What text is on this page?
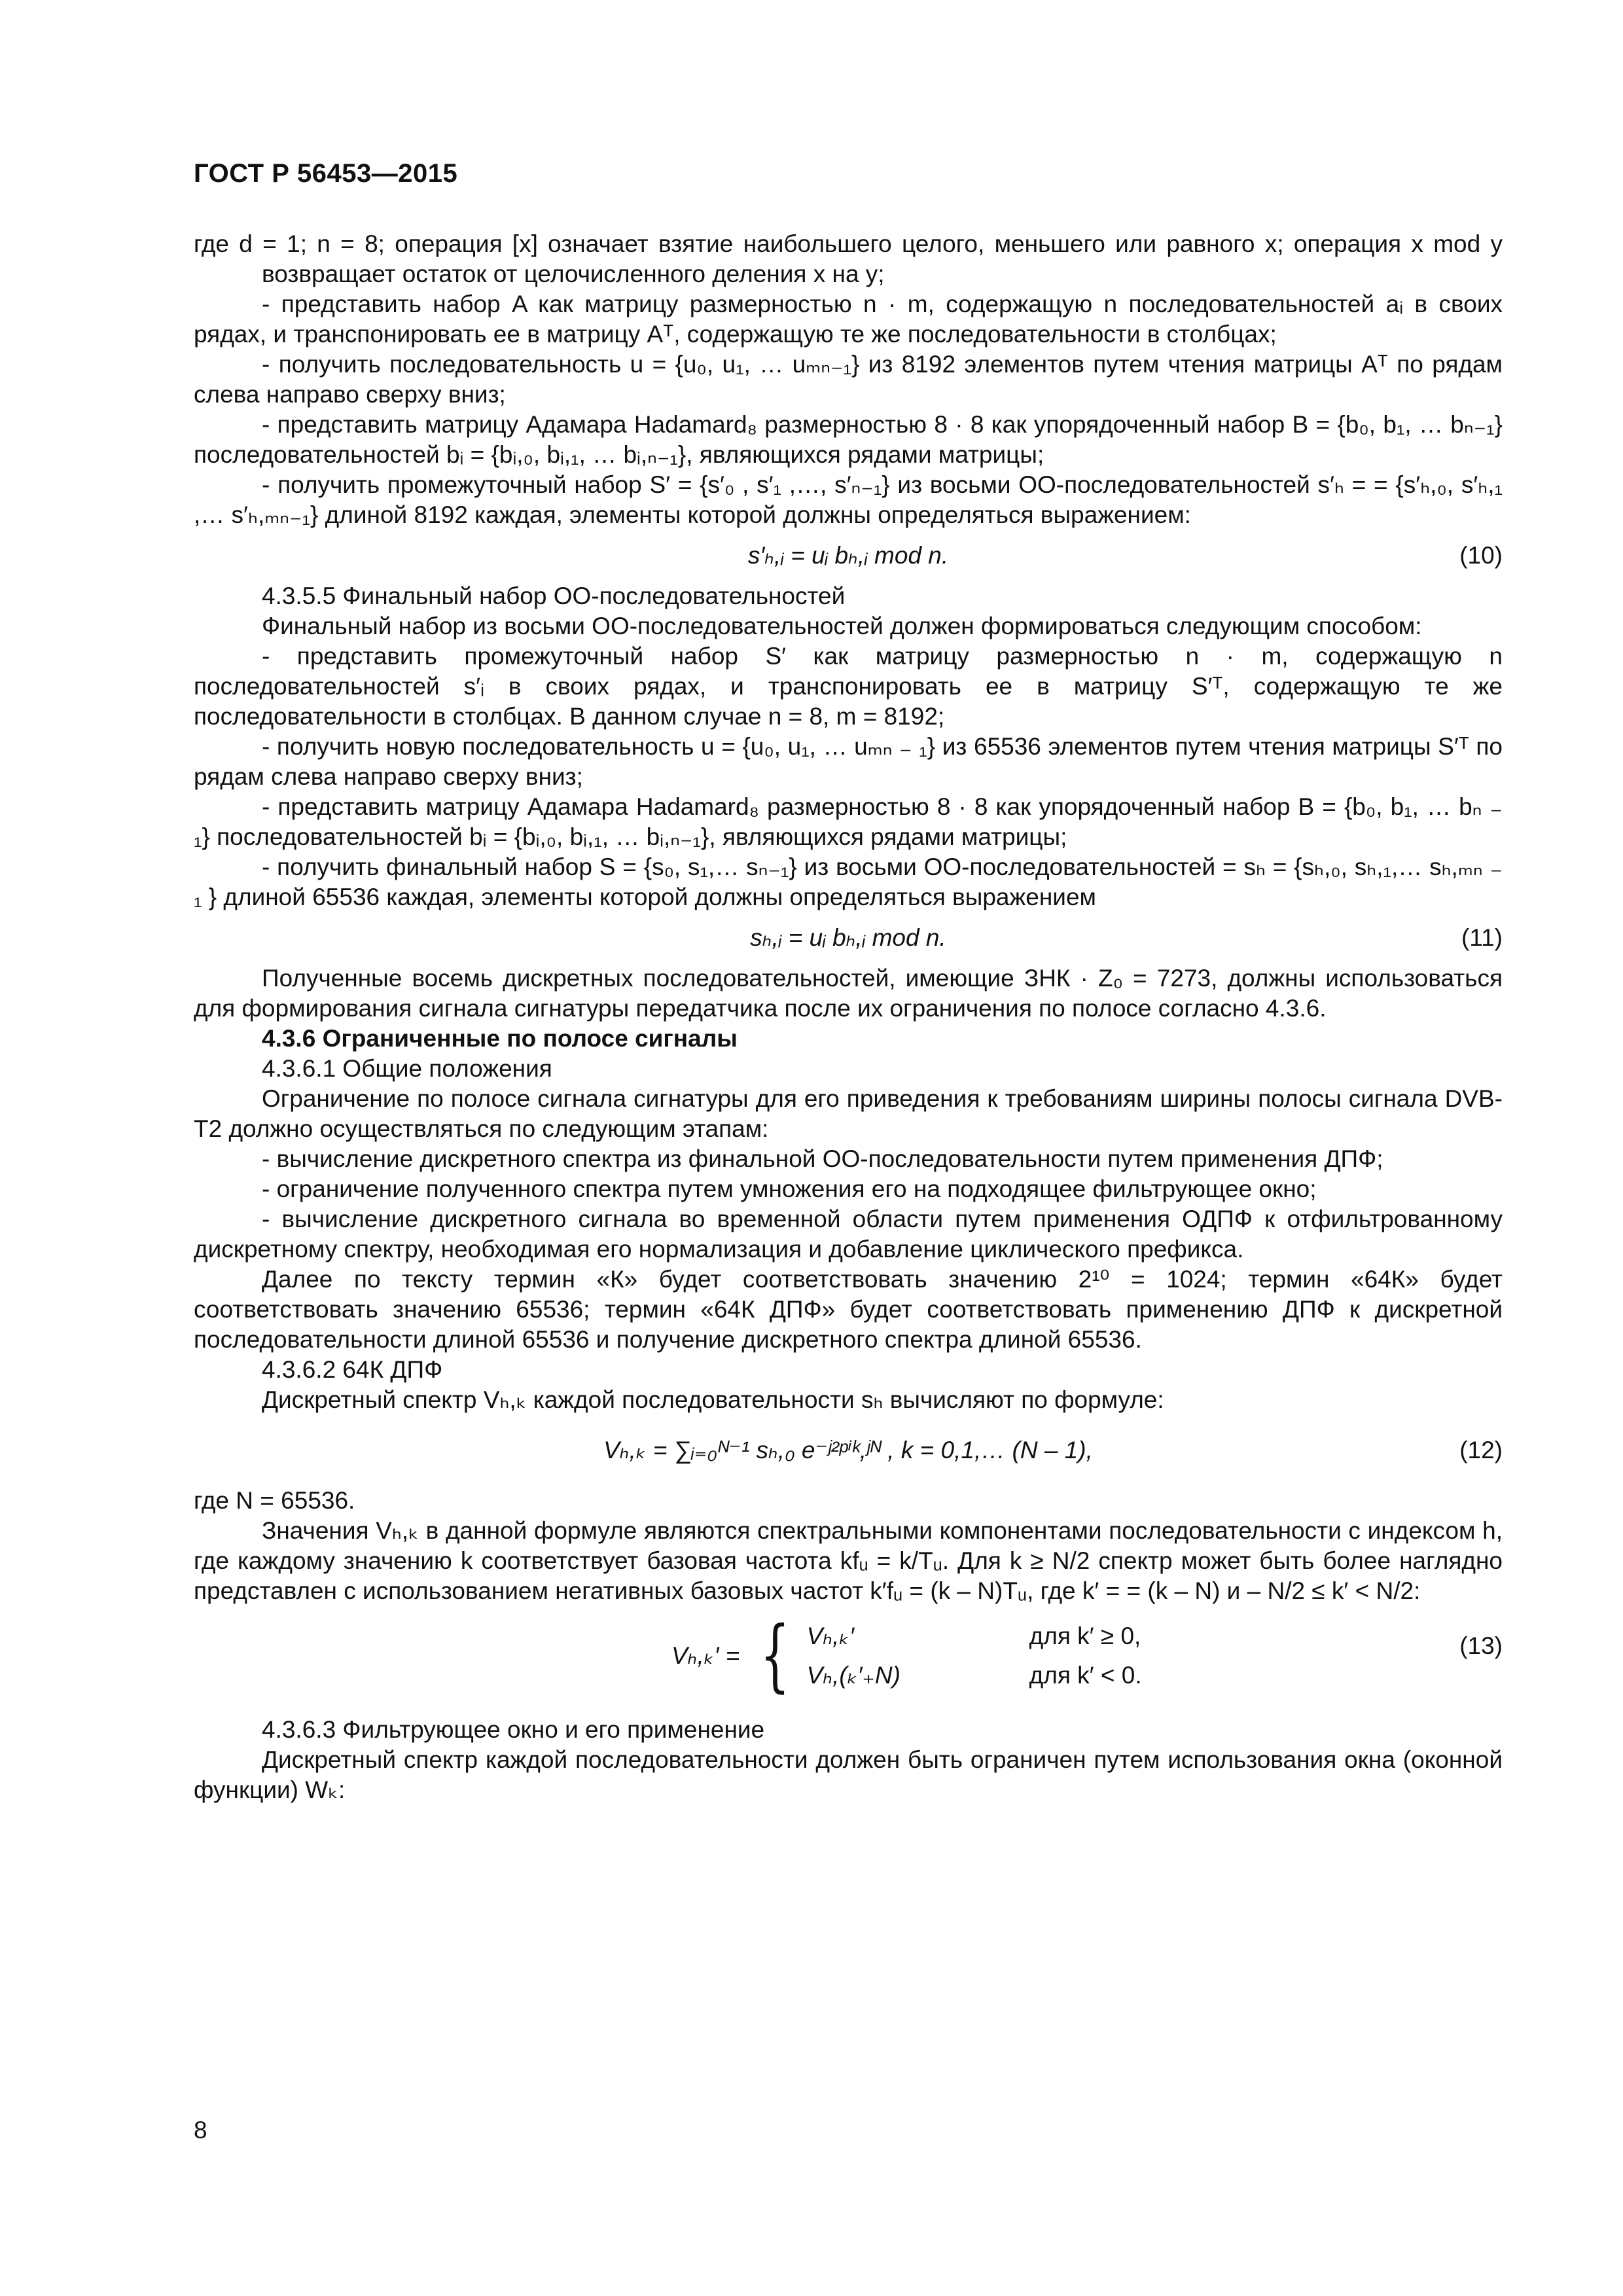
ГОСТ Р 56453—2015

где d = 1; n = 8; операция [x] означает взятие наибольшего целого, меньшего или равного x; операция x mod y возвращает остаток от целочисленного деления x на y;

- представить набор A как матрицу размерностью n · m, содержащую n последовательностей aᵢ в своих рядах, и транспонировать ее в матрицу Aᵀ, содержащую те же последовательности в столбцах;

- получить последовательность u = {u₀, u₁, … uₘₙ₋₁} из 8192 элементов путем чтения матрицы Aᵀ по рядам слева направо сверху вниз;

- представить матрицу Адамара Hadamard₈ размерностью 8 · 8 как упорядоченный набор B = {b₀, b₁, … bₙ₋₁} последовательностей bᵢ = {bᵢ,₀, bᵢ,₁, … bᵢ,ₙ₋₁}, являющихся рядами матрицы;

- получить промежуточный набор S′ = {s′₀ , s′₁ ,…, s′ₙ₋₁} из восьми ОО-последовательностей s′ₕ = = {s′ₕ,₀, s′ₕ,₁ ,… s′ₕ,ₘₙ₋₁} длиной 8192 каждая, элементы которой должны определяться выражением:

s′ₕ,ᵢ = uᵢ bₕ,ᵢ mod n.	(10)

4.3.5.5 Финальный набор ОО-последовательностей

Финальный набор из восьми ОО-последовательностей должен формироваться следующим способом:

- представить промежуточный набор S′ как матрицу размерностью n · m, содержащую n последовательностей s′ᵢ в своих рядах, и транспонировать ее в матрицу S′ᵀ, содержащую те же последовательности в столбцах. В данном случае n = 8, m = 8192;

- получить новую последовательность u = {u₀, u₁, … uₘₙ ₋ ₁} из 65536 элементов путем чтения матрицы S′ᵀ по рядам слева направо сверху вниз;

- представить матрицу Адамара Hadamard₈ размерностью 8 · 8 как упорядоченный набор B = {b₀, b₁, … bₙ ₋ ₁} последовательностей bᵢ = {bᵢ,₀, bᵢ,₁, … bᵢ,ₙ₋₁}, являющихся рядами матрицы;

- получить финальный набор S = {s₀, s₁,… sₙ₋₁} из восьми ОО-последовательностей = sₕ = {sₕ,₀, sₕ,₁,… sₕ,ₘₙ ₋ ₁ } длиной 65536 каждая, элементы которой должны определяться выражением

sₕ,ᵢ = uᵢ bₕ,ᵢ mod n.	(11)

Полученные восемь дискретных последовательностей, имеющие ЗНК · Z₀ = 7273, должны использоваться для формирования сигнала сигнатуры передатчика после их ограничения по полосе согласно 4.3.6.

4.3.6 Ограниченные по полосе сигналы

4.3.6.1 Общие положения

Ограничение по полосе сигнала сигнатуры для его приведения к требованиям ширины полосы сигнала DVB-T2 должно осуществляться по следующим этапам:

- вычисление дискретного спектра из финальной ОО-последовательности путем применения ДПФ;

- ограничение полученного спектра путем умножения его на подходящее фильтрующее окно;

- вычисление дискретного сигнала во временной области путем применения ОДПФ к отфильтрованному дискретному спектру, необходимая его нормализация и добавление циклического префикса.

Далее по тексту термин «К» будет соответствовать значению 2¹⁰ = 1024; термин «64К» будет соответствовать значению 65536; термин «64К ДПФ» будет соответствовать применению ДПФ к дискретной последовательности длиной 65536 и получение дискретного спектра длиной 65536.

4.3.6.2 64К ДПФ

Дискретный спектр Vₕ,ₖ каждой последовательности sₕ вычисляют по формуле:

Vₕ,ₖ = ∑ᵢ₌₀ᴺ⁻¹ sₕ,₀ e⁻ʲ²ᵖⁱᵏ,ʲᴺ , k = 0,1,… (N – 1),	(12)

где N = 65536.

Значения Vₕ,ₖ в данной формуле являются спектральными компонентами последовательности с индексом h, где каждому значению k соответствует базовая частота kfᵤ = k/Tᵤ. Для k ≥ N/2 спектр может быть более наглядно представлен с использованием негативных базовых частот k′fᵤ = (k – N)Tᵤ, где k′ = = (k – N) и – N/2 ≤ k′ < N/2:

Vₕ,ₖ′ = { Vₕ,ₖ′	для k′ ≥ 0,
Vₕ,(ₖ′₊N)	для k′ < 0.
(13)

4.3.6.3 Фильтрующее окно и его применение

Дискретный спектр каждой последовательности должен быть ограничен путем использования окна (оконной функции) Wₖ:

8
